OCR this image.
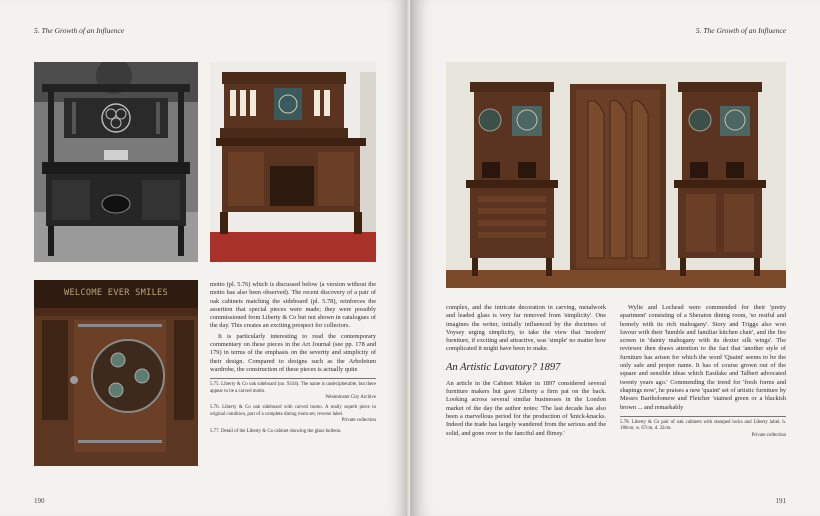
5. The Growth of an Influence
WELCOME EVER SMILES

motto (pl. 5.76) which is discussed below (a version without the motto has also been observed). The recent discovery of a pair of oak cabinets matching the sideboard (pl. 5.78), reinforces the assertion that special pieces were made; they were possibly commissioned from Liberty & Co but not shown in catalogues of the day. This creates an exciting prospect for collectors.

It is particularly interesting to read the contemporary commentary on these pieces in the Art Journal (see pp. 178 and 179) in terms of the emphasis on the severity and simplicity of their design. Compared to designs such as the Arboletum wardrobe, the construction of these pieces is actually quite

5.75. Liberty & Co oak sideboard (no. 9334). The name is undecipherable, but there appear to be a carved motto.
Westminster City Archive
5.76. Liberty & Co oak sideboard with carved motto. A really superb piece in original condition, part of a complete dining room set, reverse label.
Private collection
5.77. Detail of the Liberty & Co cabinet showing the glass bulleon.
190
5. The Growth of an Influence

complex, and the intricate decoration in carving, metalwork and leaded glass is very far removed from 'simplicity'. One imagines the writer, initially influenced by the doctrines of Voysey urging simplicity, to take the view that 'modern' furniture, if exciting and attractive, was 'simple' no matter how complicated it might have been to make.

An Artistic Lavatory? 1897

An article in the Cabinet Maker in 1897 considered several furniture makers but gave Liberty a firm pat on the back. Looking across several similar businesses in the London market of the day the author notes: 'The last decade has also been a marvellous period for the production of 'knick-knacks. Indeed the trade has largely wandered from the serious and the solid, and gone over to the fanciful and flimsy.'

Wylie and Lochead were commended for their 'pretty apartment' consisting of a Sheraton dining room, 'so restful and homely with its rich mahogany'. Story and Triggs also won favour with their 'humble and familiar kitchen chair', and the fire screen in 'dainty mahogany with its dexter silk wings'. The reviewer then draws attention to the fact that 'another style of furniture has arisen for which the word 'Quaint' seems to be the only safe and proper name. It has of course grown out of the square and sensible ideas which Eastlake and Talbert advocated twenty years ago.' Commending the trend for 'fresh forms and shapings now', he praises a new 'quaint' set of artistic furniture by Messrs Bartholomew and Fletcher 'stained green or a blackish brown ... and remarkably

5.78. Liberty & Co pair of oak cabinets with stamped locks and Liberty label. h. 186cm, w. 67cm, d. 32cm.
Private collection
191
